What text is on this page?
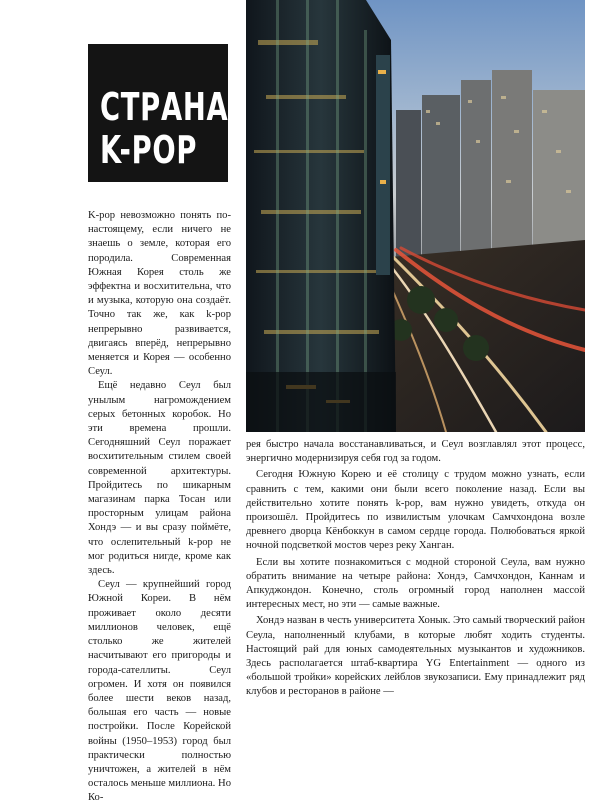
СТРАНА
K-POP

K-pop невозможно понять по-настоящему, если ничего не знаешь о земле, которая его породила. Современная Южная Корея столь же эффектна и восхитительна, что и музыка, которую она создаёт. Точно так же, как k-pop непрерывно развивается, двигаясь вперёд, непрерывно меняется и Корея — особенно Сеул.

Ещё недавно Сеул был унылым нагромождением серых бетонных коробок. Но эти времена прошли. Сегодняшний Сеул поражает восхитительным стилем своей современной архитектуры. Пройдитесь по шикарным магазинам парка Тосан или просторным улицам района Хондэ — и вы сразу поймёте, что ослепительный k-pop не мог родиться нигде, кроме как здесь.

Сеул — крупнейший город Южной Кореи. В нём проживает около десяти миллионов человек, ещё столько же жителей насчитывают его пригороды и города-сателлиты. Сеул огромен. И хотя он появился более шести веков назад, большая его часть — новые постройки. После Корейской войны (1950–1953) город был практически полностью уничтожен, а жителей в нём осталось меньше миллиона. Но Ко-

рея быстро начала восстанавливаться, и Сеул возглавлял этот процесс, энергично модернизируя себя год за годом.

Сегодня Южную Корею и её столицу с трудом можно узнать, если сравнить с тем, какими они были всего поколение назад. Если вы действительно хотите понять k-pop, вам нужно увидеть, откуда он произошёл. Пройдитесь по извилистым улочкам Самчхондона возле древнего дворца Кёнбоккун в самом сердце города. Полюбоваться яркой ночной подсветкой мостов через реку Ханган.

Если вы хотите познакомиться с модной стороной Сеула, вам нужно обратить внимание на четыре района: Хондэ, Самчхондон, Каннам и Апкуджондон. Конечно, столь огромный город наполнен массой интересных мест, но эти — самые важные.

Хондэ назван в честь университета Хонык. Это самый творческий район Сеула, наполненный клубами, в которые любят ходить студенты. Настоящий рай для юных самодеятельных музыкантов и художников. Здесь располагается штаб-квартира YG Entertainment — одного из «большой тройки» корейских лейблов звукозаписи. Ему принадлежит ряд клубов и ресторанов в районе —
